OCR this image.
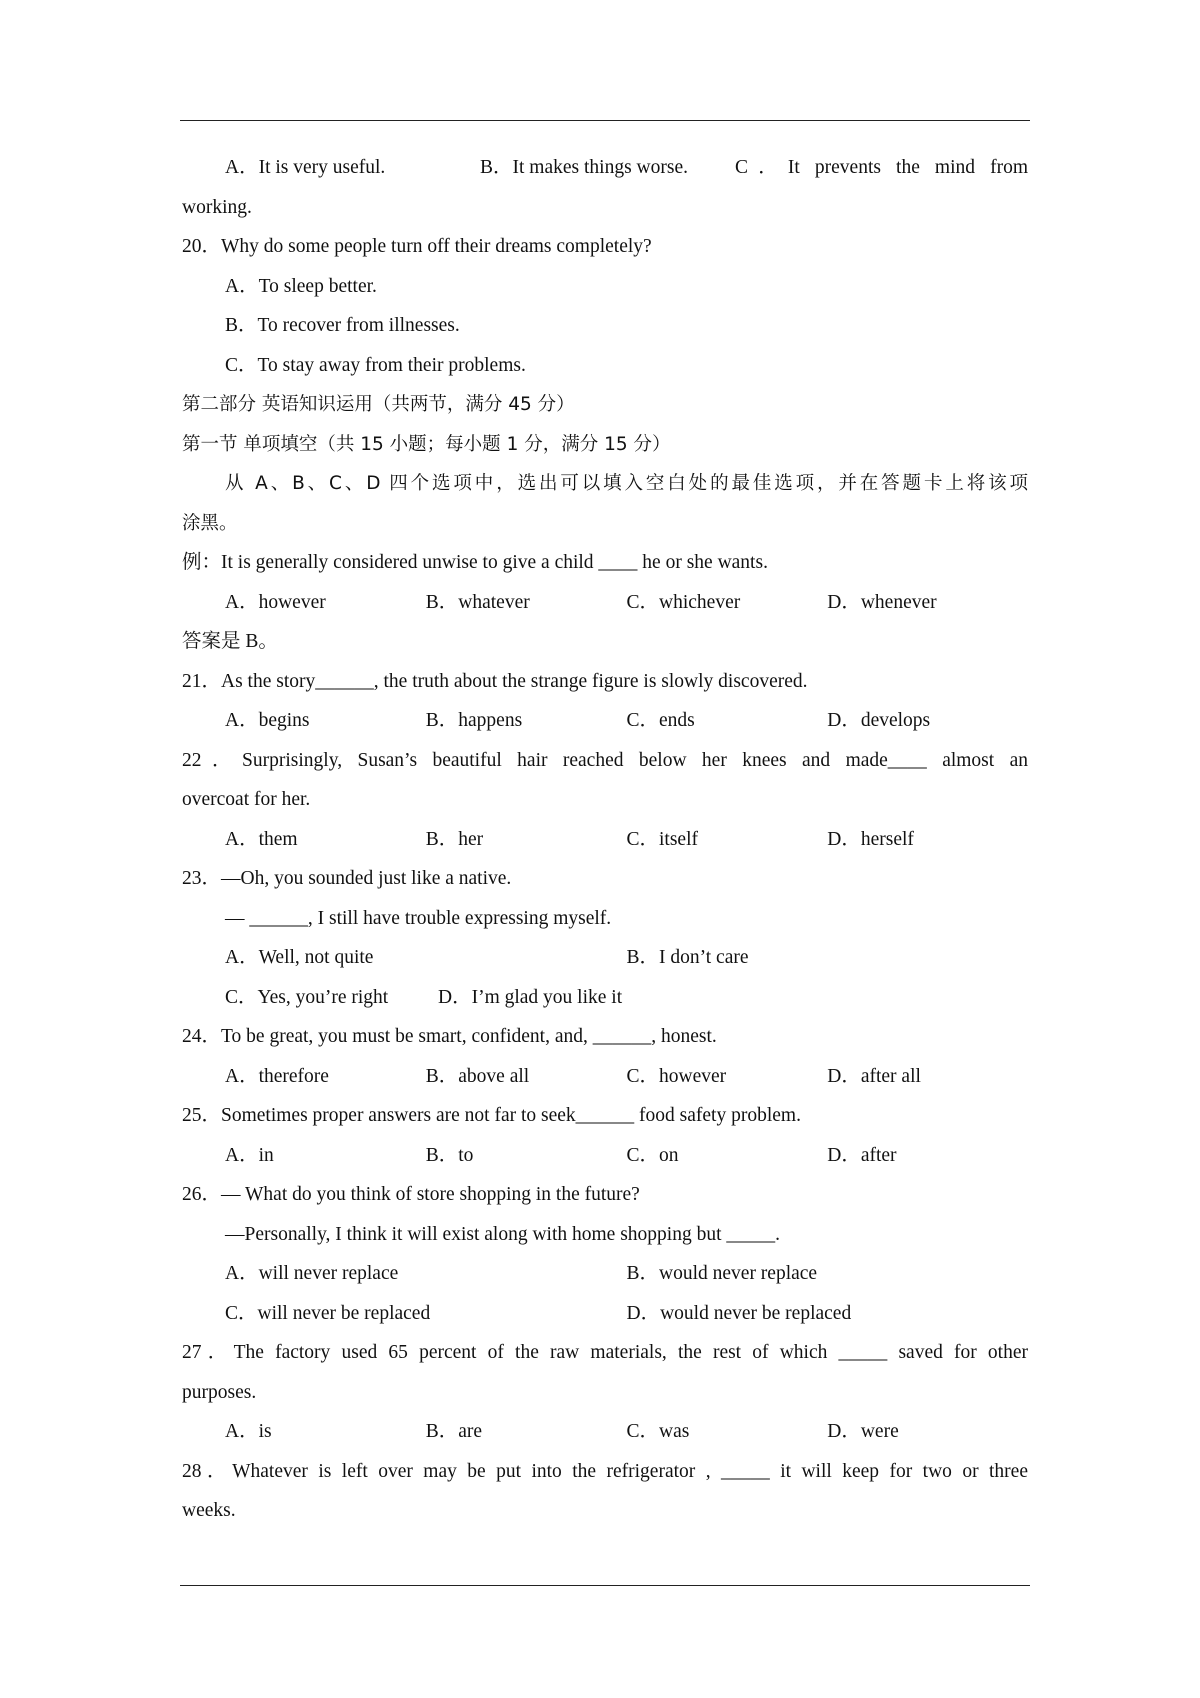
A．It is very useful.	B．It makes things worse.	C．It prevents the mind from
working.
20．Why do some people turn off their dreams completely?
A．To sleep better.
B．To recover from illnesses.
C．To stay away from their problems.
第二部分 英语知识运用（共两节，满分 45 分）
第一节 单项填空（共 15 小题；每小题 1 分，满分 15 分）
从 A、B、C、D 四个选项中，选出可以填入空白处的最佳选项，并在答题卡上将该项
涂黑。
例：It is generally considered unwise to give a child ____ he or she wants.
A．however	B．whatever	C．whichever	D．whenever
答案是 B。
21．As the story______, the truth about the strange figure is slowly discovered.
A．begins	B．happens	C．ends	D．develops
22．Surprisingly, Susan’s beautiful hair reached below her knees and made____ almost an
overcoat for her.
A．them	B．her	C．itself	D．herself
23．—Oh, you sounded just like a native.
— ______, I still have trouble expressing myself.
A．Well, not quite	B．I don’t care
C．Yes, you’re right	D．I’m glad you like it
24．To be great, you must be smart, confident, and, ______, honest.
A．therefore	B．above all	C．however	D．after all
25．Sometimes proper answers are not far to seek______ food safety problem.
A．in	B．to	C．on	D．after
26．— What do you think of store shopping in the future?
—Personally, I think it will exist along with home shopping but _____.
A．will never replace	B．would never replace
C．will never be replaced	D．would never be replaced
27．The factory used 65 percent of the raw materials, the rest of which _____ saved for other
purposes.
A．is	B．are	C．was	D．were
28．Whatever is left over may be put into the refrigerator , _____ it will keep for two or three
weeks.
